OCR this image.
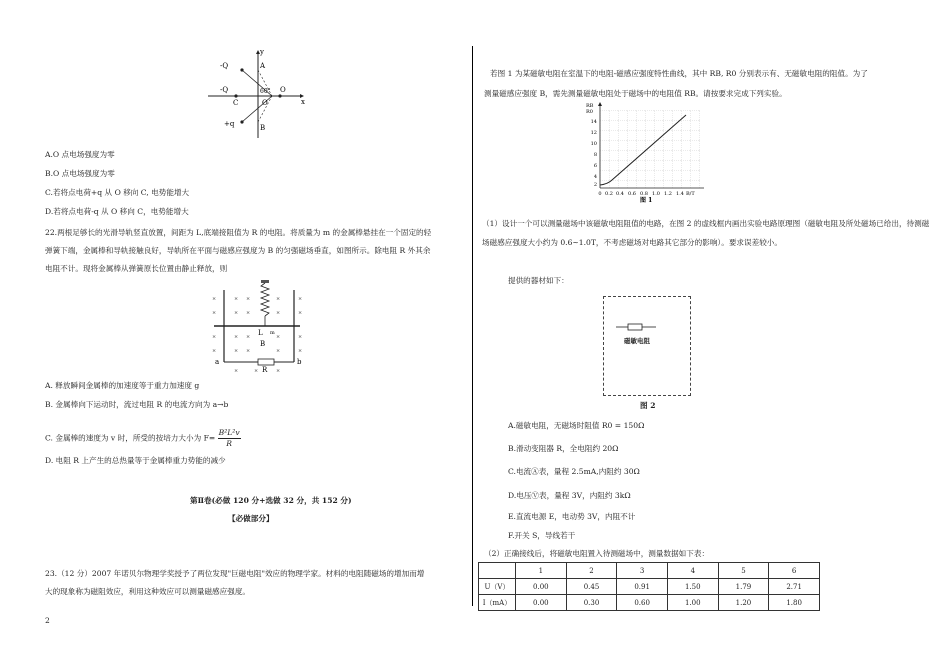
y
x
-Q
-Q
C	O
A
B
+q
60° O
A.O 点电场强度为零
B.O 点电场强度为零
C.若将点电荷+q 从 O 移向 C, 电势能增大
D.若将点电荷-q 从 O 移向 C，电势能增大
22.两根足够长的光滑导轨竖直放置，间距为 L,底端接阻值为 R 的电阻。将质量为 m 的金属棒悬挂在一个固定的轻
弹簧下端，金属棒和导轨接触良好，导轨所在平面与磁感应强度为 B 的匀强磁场垂直，如图所示。除电阻 R 外其余
电阻不计。现将金属棒从弹簧原长位置由静止释放，则
×	× ×	×	×
×	× ×	×	×
×	× ×	×	×
×	× ×	×	×
×	×	×
L m
B
R
a	b
A. 释放瞬间金属棒的加速度等于重力加速度 g
B. 金属棒向下运动时，流过电阻 R 的电流方向为 a→b
C. 金属棒的速度为 v 时，所受的按培力大小为 $F= \frac{\text{B²L²v}}{R}$
D. 电阻 R 上产生的总热量等于金属棒重力势能的减少
第Ⅱ卷(必做 120 分+选做 32 分，共 152 分)
【必做部分】
23.（12 分）2007 年诺贝尔物理学奖授予了两位发现"巨磁电阻"效应的物理学家。材料的电阻随磁场的增加而增
大的现象称为磁阻效应，利用这种效应可以测量磁感应强度。
2
若图 1 为某磁敏电阻在室温下的电阻-磁感应强度特性曲线，其中 RB, R0 分别表示有、无磁敏电阻的阻值。为了
测量磁感应强度 B，需先测量磁敏电阻处于磁场中的电阻值 RB。请按要求完成下列实验。
RB
R0
14
12
10
8
6
4
2
0 0.2 0.4 0.6 0.8 1.0 1.2 1.4 B/T
图 1
（1）设计一个可以测量磁场中该磁敏电阻阻值的电路，在图 2 的虚线框内画出实验电路原理图（磁敏电阻及所处磁场已给出，待测磁场磁感应强度大小约为 0.6~1.0T，不考虑磁场对电路其它部分的影响）。要求误差较小。
提供的器材如下：
磁敏电阻
图 2
A.磁敏电阻，无磁场时阻值 R0 = 150Ω
B.滑动变阻器 R，全电阻约 20Ω
C.电流Ⓐ表，量程 2.5mA,内阻约 30Ω
D.电压Ⓥ表，量程 3V，内阻约 3kΩ
E.直流电源 E，电动势 3V，内阻不计
F.开关 S，导线若干
（2）正确接线后，将磁敏电阻置入待测磁场中，测量数据如下表：
	1	2	3	4	5	6
U（V）	0.00	0.45	0.91	1.50	1.79	2.71
I（mA）	0.00	0.30	0.60	1.00	1.20	1.80
